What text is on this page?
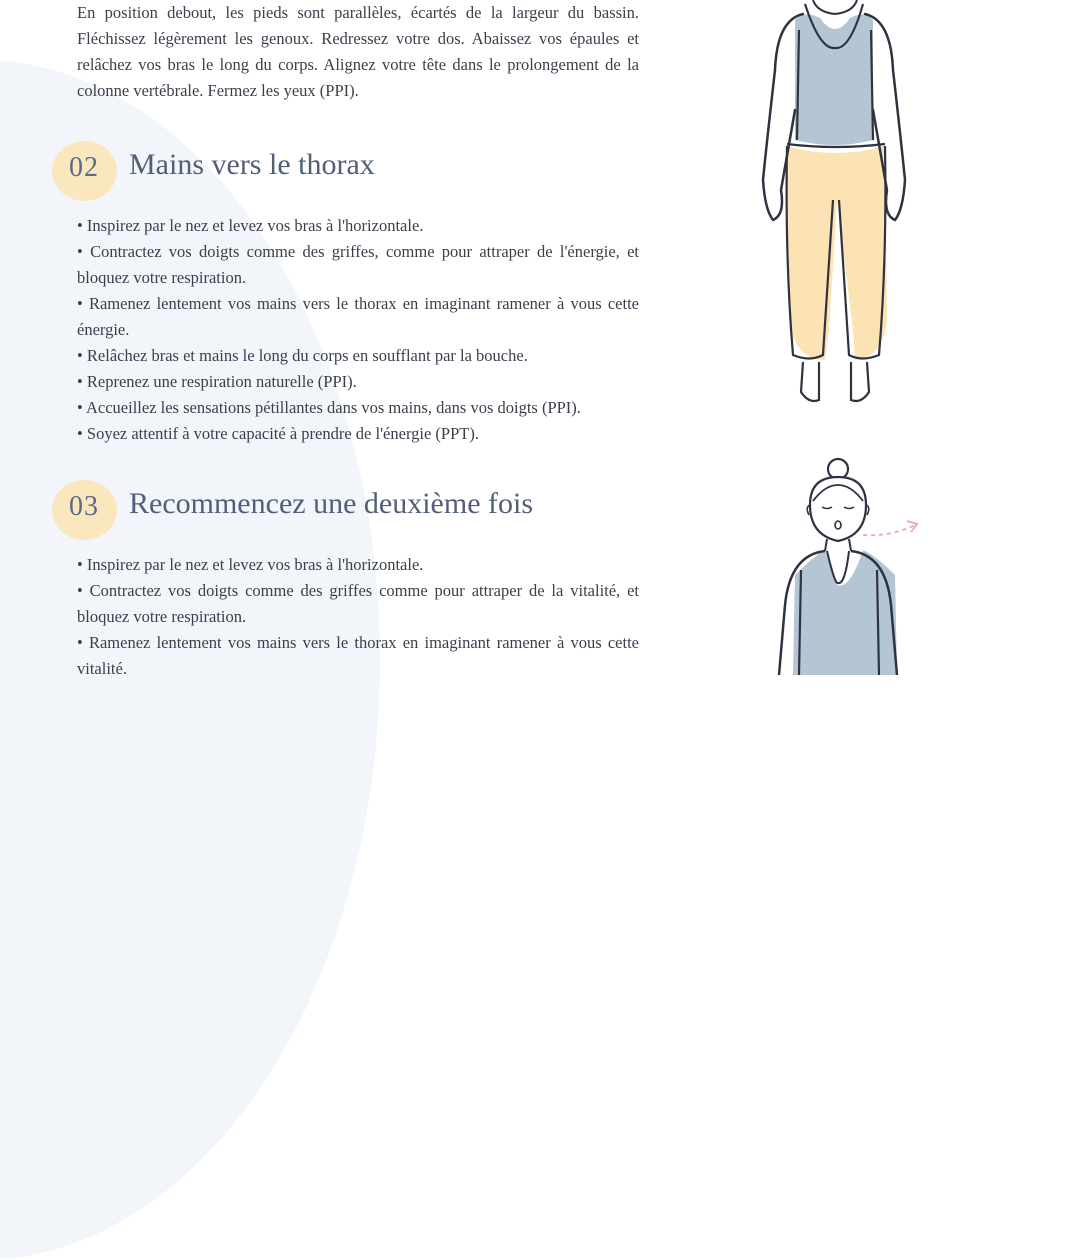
En position debout, les pieds sont parallèles, écartés de la largeur du bassin. Fléchissez légèrement les genoux. Redressez votre dos. Abaissez vos épaules et relâchez vos bras le long du corps. Alignez votre tête dans le prolongement de la colonne vertébrale. Fermez les yeux (PPI).

02 Mains vers le thorax
• Inspirez par le nez et levez vos bras à l'horizontale.
• Contractez vos doigts comme des griffes, comme pour attraper de l'énergie, et bloquez votre respiration.
• Ramenez lentement vos mains vers le thorax en imaginant ramener à vous cette énergie.
• Relâchez bras et mains le long du corps en soufflant par la bouche.
• Reprenez une respiration naturelle (PPI).
• Accueillez les sensations pétillantes dans vos mains, dans vos doigts (PPI).
• Soyez attentif à votre capacité à prendre de l'énergie (PPT).
03 Recommencez une deuxième fois
• Inspirez par le nez et levez vos bras à l'horizontale.
• Contractez vos doigts comme des griffes comme pour attraper de la vitalité, et bloquez votre respiration.
• Ramenez lentement vos mains vers le thorax en imaginant ramener à vous cette vitalité.
